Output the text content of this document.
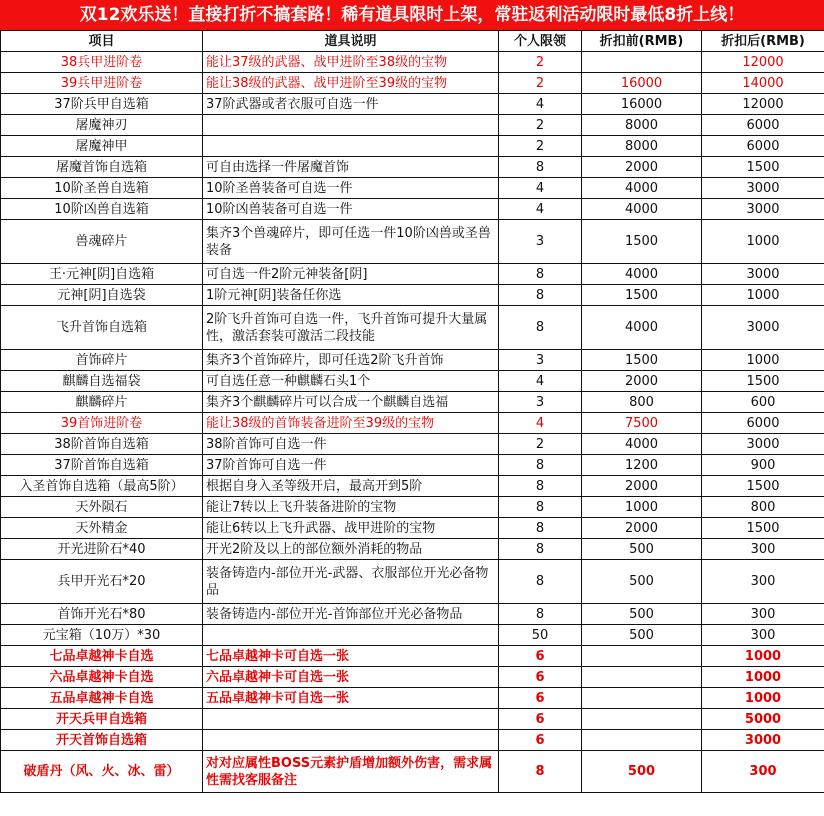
双12欢乐送！直接打折不搞套路！稀有道具限时上架，常驻返利活动限时最低8折上线！
项目	道具说明	个人限领	折扣前(RMB)	折扣后(RMB)
38兵甲进阶卷	能让37级的武器、战甲进阶至38级的宝物	2		12000
39兵甲进阶卷	能让38级的武器、战甲进阶至39级的宝物	2	16000	14000
37阶兵甲自选箱	37阶武器或者衣服可自选一件	4	16000	12000
屠魔神刃		2	8000	6000
屠魔神甲		2	8000	6000
屠魔首饰自选箱	可自由选择一件屠魔首饰	8	2000	1500
10阶圣兽自选箱	10阶圣兽装备可自选一件	4	4000	3000
10阶凶兽自选箱	10阶凶兽装备可自选一件	4	4000	3000
兽魂碎片	集齐3个兽魂碎片，即可任选一件10阶凶兽或圣兽装备	3	1500	1000
王·元神[阴]自选箱	可自选一件2阶元神装备[阴]	8	4000	3000
元神[阴]自选袋	1阶元神[阴]装备任你选	8	1500	1000
飞升首饰自选箱	2阶飞升首饰可自选一件，飞升首饰可提升大量属性，激活套装可激活二段技能	8	4000	3000
首饰碎片	集齐3个首饰碎片，即可任选2阶飞升首饰	3	1500	1000
麒麟自选福袋	可自选任意一种麒麟石头1个	4	2000	1500
麒麟碎片	集齐3个麒麟碎片可以合成一个麒麟自选福	3	800	600
39首饰进阶卷	能让38级的首饰装备进阶至39级的宝物	4	7500	6000
38阶首饰自选箱	38阶首饰可自选一件	2	4000	3000
37阶首饰自选箱	37阶首饰可自选一件	8	1200	900
入圣首饰自选箱（最高5阶）	根据自身入圣等级开启，最高开到5阶	8	2000	1500
天外陨石	能让7转以上飞升装备进阶的宝物	8	1000	800
天外精金	能让6转以上飞升武器、战甲进阶的宝物	8	2000	1500
开光进阶石*40	开光2阶及以上的部位额外消耗的物品	8	500	300
兵甲开光石*20	装备铸造内-部位开光-武器、衣服部位开光必备物品	8	500	300
首饰开光石*80	装备铸造内-部位开光-首饰部位开光必备物品	8	500	300
元宝箱（10万）*30		50	500	300
七品卓越神卡自选	七品卓越神卡可自选一张	6		1000
六品卓越神卡自选	六品卓越神卡可自选一张	6		1000
五品卓越神卡自选	五品卓越神卡可自选一张	6		1000
开天兵甲自选箱		6		5000
开天首饰自选箱		6		3000
破盾丹（风、火、冰、雷）	对对应属性BOSS元素护盾增加额外伤害，需求属性需找客服备注	8	500	300
